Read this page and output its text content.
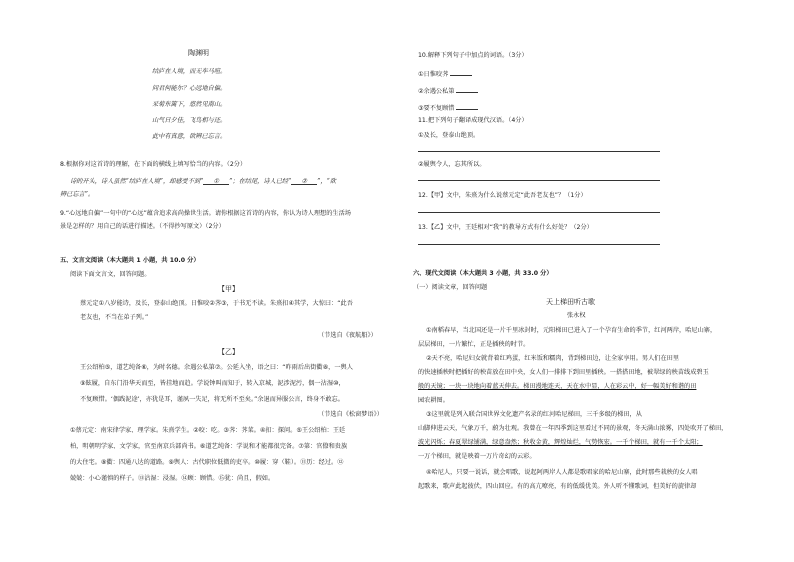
陶渊明
结庐在人境，而无车马喧。
问君何能尔？心远地自偏。
采菊东篱下，悠然见南山。
山气日夕佳，飞鸟相与还。
此中有真意，欲辨已忘言。
8.根据你对这首诗的理解，在下面的横线上填写恰当的内容。（2分）
诗的开头，诗人虽然“结庐在人境”，却感受不到“ ① ”；在结尾，诗人已经“ ② ”，“欲
辨已忘言”。
9.“心远地自偏”一句中的“心远”蕴含追求高尚操世生活。请你根据这首诗的内容，你认为诗人理想的生活场
景是怎样的？用自己的话进行描述。（不得抄写原文）（2分）
五、文言文阅读（本大题共 1 小题，共 10.0 分）
阅读下面文言文，回答问题。
【甲】
蔡元定①八岁能诗，及长，登泰山绝顶。日惟咬②荠③，于书无不读。朱熹扣④其学，大惊曰：“此吾
老友也，不当在弟子列。”
（节选自《夜航船》）
【乙】
王公绍柏⑤，道艺纯备⑥，为时名德。余遇公私第⑦。公延入坐，语之曰：“昨雨后出街衢⑧，一舆人
⑨眩履，自东门沿华天而至，皆挂地而趋。学说钟叫而知于，转入京城，泥涉泥污，偶一沾湿⑩，
不复顾惜。‘偶践泥途’，亦犹是耳，谨夙一失足，将无所不至矣。”余退而异服公言，终身不敢忘。
（节选自《松窗梦语》）
①蔡元定：南宋律学家、理学家。朱熹学生。②咬：吃。③荠：荠菜。④扣：探问。⑤王公绍柏：王廷
柏，明朝明学家、文学家，官至南京兵部尚书。⑥道艺纯备：学说和才能都很完备。⑦第：官僚和贵族
的大住宅。⑧衢：四通八达的道路。⑨舆人：古代职位低微的吏卒。⑩履：穿（鞋）。⑪历：经过。⑫
兢兢：小心谨慎的样子。⑬沾湿：浸湿。⑭顾：顾惜。⑮犹：尚且，假如。
10.解释下列句子中加点的词语。（3分）
①日惟咬荠
②余遇公私第
③要不复顾惜
11.把下列句子翻译成现代汉语。（4分）
①及长，登泰山绝顶。
②履舆令人，忘其所以。
12.【甲】文中，朱熹为什么说蔡元定“此吾老友也”？（1分）
13.【乙】文中，王廷相对“我”的教导方式有什么好处？（2分）
六、现代文阅读（本大题共 3 小题，共 33.0 分）
（一）阅读文章，回答问题
天上梯田听古歌
张永权
①南稻春早，当北国还是一片千里冰封时，元阳梯田已进入了一个孕育生命的季节，红河两岸，哈尼山寨，
层层梯田，一片繁忙，正是插秧的时节。
②天不亮，哈尼妇女就背着红鸡蛋，红米饭和糯肉，背到梯田边，让全家享用。男人们在田里
的快速插秧时把插好的秧苗放在田中央，女人们一排排下到田里插秧。一搭搭田地，被翠绿的秧苗线成碧玉
般的天镜；一块一块地向着蓝天伸去。梯田漫地连天，天在水中显，人在彩云中，好一幅美好和谐的田
园农耕图。
③这里就是列入联合国世界文化遗产名录的红河哈尼梯田，三千多级的梯田，从
山脚伸进云天，气象万千，蔚为壮观。我曾在一年四季到这里看过不同的景观，冬天满山浓雾，四处吹开了梯田，
波光闪烁；春夏翠绿铺满，绿意盎然；秋收金黄，辉煌灿烂，气势恢宏。一千个梯田，就有一千个太阳；
一万个梯田，就是映着一万片奇幻的云彩。
④哈尼人，只要一说话，就会唱歌，说起阿两岸人人都是歌唱家的哈尼山寨，此时那些栽秧的女人唱
起歌来，歌声此起彼伏，四山回应。有的高亢嘹亮，有的低缓优美。外人听不懂歌词，但美好的旋律却
